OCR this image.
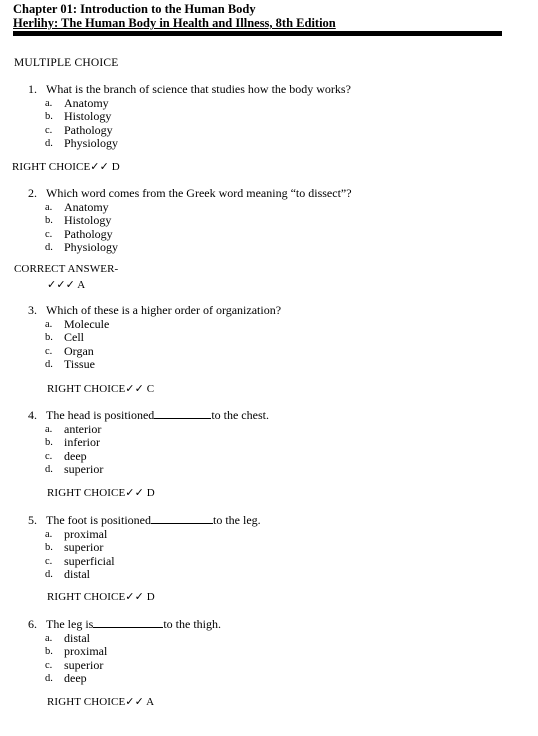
Chapter 01: Introduction to the Human Body
Herlihy: The Human Body in Health and Illness, 8th Edition
MULTIPLE CHOICE
1. What is the branch of science that studies how the body works?
a. Anatomy
b. Histology
c. Pathology
d. Physiology
RIGHT CHOICE✓✓ D
2. Which word comes from the Greek word meaning “to dissect”?
a. Anatomy
b. Histology
c. Pathology
d. Physiology
CORRECT ANSWER-
✓✓✓ A
3. Which of these is a higher order of organization?
a. Molecule
b. Cell
c. Organ
d. Tissue
RIGHT CHOICE✓✓ C
4. The head is positioned	to the chest.
a. anterior
b. inferior
c. deep
d. superior
RIGHT CHOICE✓✓ D
5. The foot is positioned	to the leg.
a. proximal
b. superior
c. superficial
d. distal
RIGHT CHOICE✓✓ D
6. The leg is	to the thigh.
a. distal
b. proximal
c. superior
d. deep
RIGHT CHOICE✓✓ A
